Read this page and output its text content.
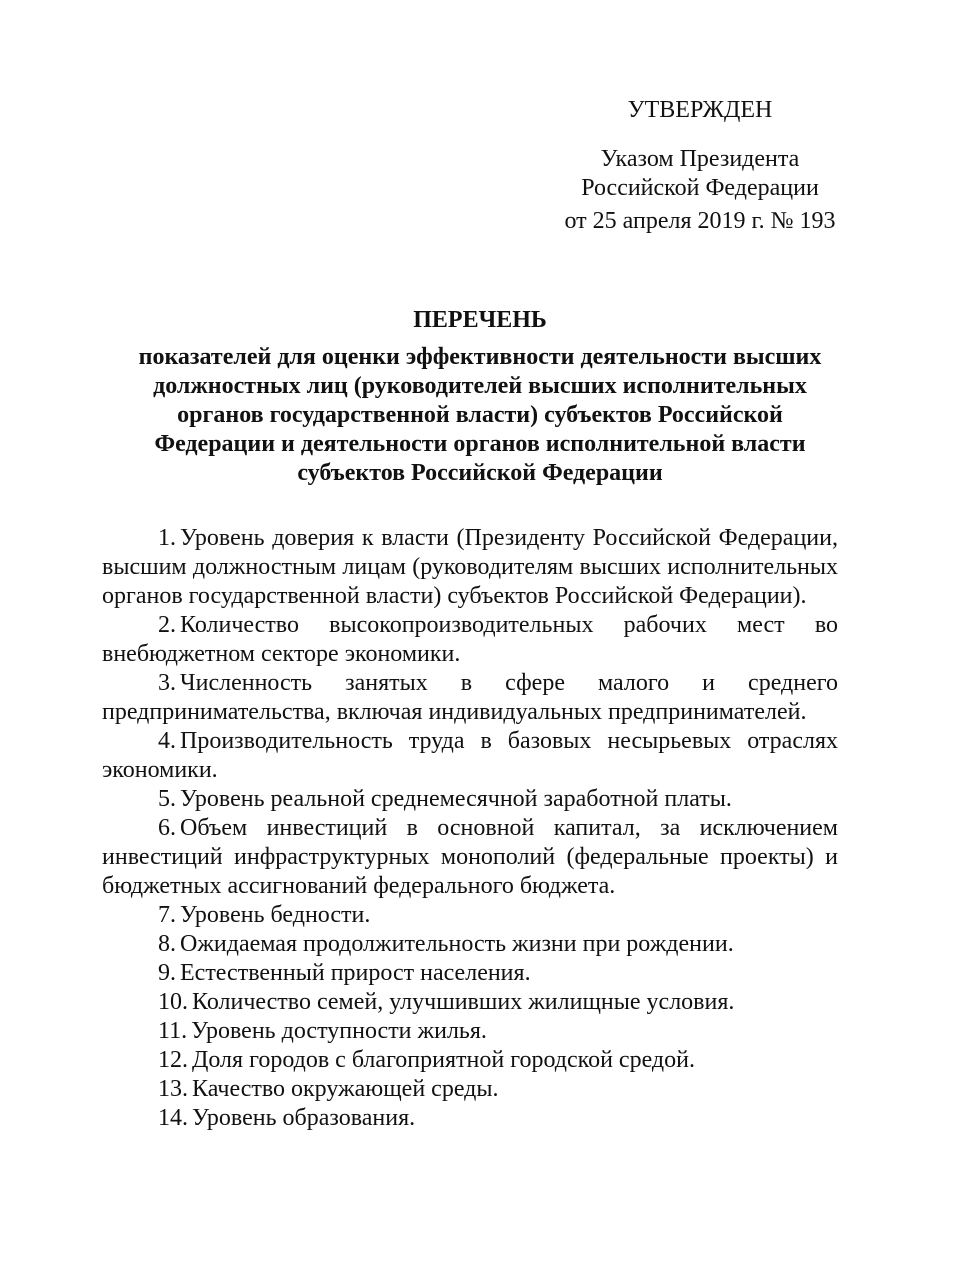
УТВЕРЖДЕН
Указом Президента
Российской Федерации
от 25 апреля 2019 г. № 193
ПЕРЕЧЕНЬ
показателей для оценки эффективности деятельности высших
должностных лиц (руководителей высших исполнительных
органов государственной власти) субъектов Российской
Федерации и деятельности органов исполнительной власти
субъектов Российской Федерации

1. Уровень доверия к власти (Президенту Российской Федерации, высшим должностным лицам (руководителям высших исполнительных органов государственной власти) субъектов Российской Федерации).

2. Количество высокопроизводительных рабочих мест во внебюджетном секторе экономики.

3. Численность занятых в сфере малого и среднего предпринимательства, включая индивидуальных предпринимателей.

4. Производительность труда в базовых несырьевых отраслях экономики.

5. Уровень реальной среднемесячной заработной платы.

6. Объем инвестиций в основной капитал, за исключением инвестиций инфраструктурных монополий (федеральные проекты) и бюджетных ассигнований федерального бюджета.

7. Уровень бедности.

8. Ожидаемая продолжительность жизни при рождении.

9. Естественный прирост населения.

10. Количество семей, улучшивших жилищные условия.

11. Уровень доступности жилья.

12. Доля городов с благоприятной городской средой.

13. Качество окружающей среды.

14. Уровень образования.
